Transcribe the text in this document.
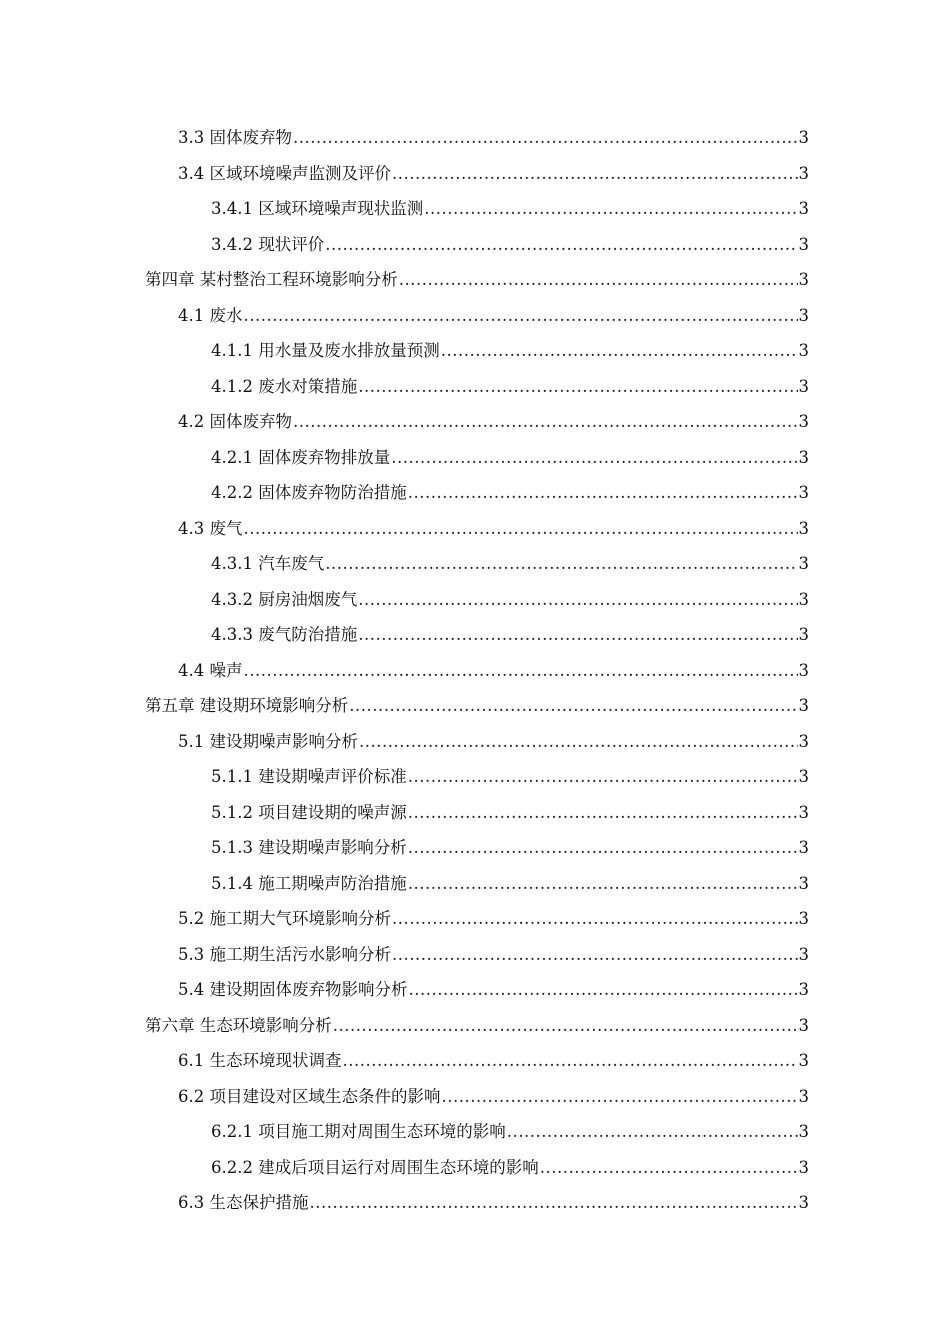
3.3 固体废弃物 .....	3
3.4 区域环境噪声监测及评价 .....	3
3.4.1 区域环境噪声现状监测 .....	3
3.4.2 现状评价 .....	3
第四章 某村整治工程环境影响分析 .....	3
4.1 废水 .....	3
4.1.1 用水量及废水排放量预测 .....	3
4.1.2 废水对策措施 .....	3
4.2 固体废弃物 .....	3
4.2.1 固体废弃物排放量 .....	3
4.2.2 固体废弃物防治措施 .....	3
4.3 废气 .....	3
4.3.1 汽车废气 .....	3
4.3.2 厨房油烟废气 .....	3
4.3.3 废气防治措施 .....	3
4.4 噪声 .....	3
第五章 建设期环境影响分析 .....	3
5.1 建设期噪声影响分析 .....	3
5.1.1 建设期噪声评价标准 .....	3
5.1.2 项目建设期的噪声源 .....	3
5.1.3 建设期噪声影响分析 .....	3
5.1.4 施工期噪声防治措施 .....	3
5.2 施工期大气环境影响分析 .....	3
5.3 施工期生活污水影响分析 .....	3
5.4 建设期固体废弃物影响分析 .....	3
第六章 生态环境影响分析 .....	3
6.1 生态环境现状调查 .....	3
6.2 项目建设对区域生态条件的影响 .....	3
6.2.1 项目施工期对周围生态环境的影响 .....	3
6.2.2 建成后项目运行对周围生态环境的影响 .....	3
6.3 生态保护措施 .....	3
